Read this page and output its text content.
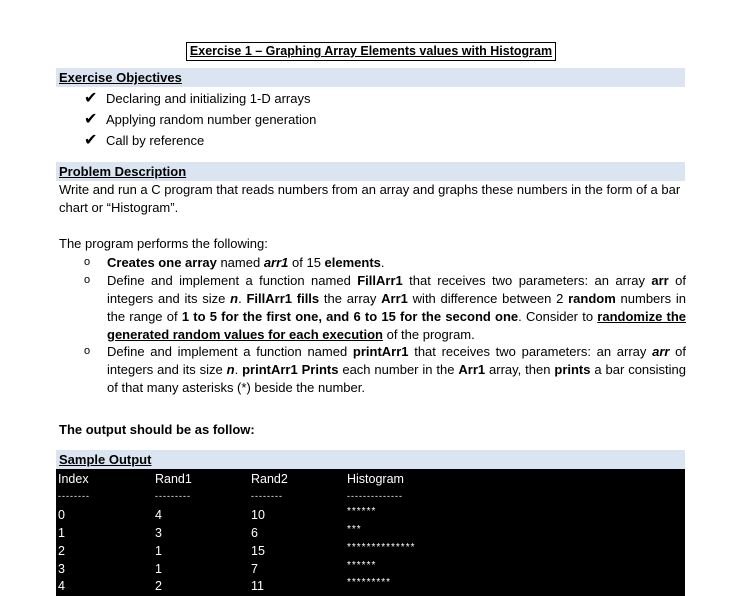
Exercise 1 – Graphing Array Elements values with Histogram
Exercise Objectives
✔ Declaring and initializing 1-D arrays
✔ Applying random number generation
✔ Call by reference
Problem Description
Write and run a C program that reads numbers from an array and graphs these numbers in the form of a bar chart or “Histogram”.
The program performs the following:
o	Creates one array named arr1 of 15 elements.
o	Define and implement a function named FillArr1 that receives two parameters: an array arr of integers and its size n. FillArr1 fills the array Arr1 with difference between 2 random numbers in the range of 1 to 5 for the first one, and 6 to 15 for the second one. Consider to randomize the generated random values for each execution of the program.
o	Define and implement a function named printArr1 that receives two parameters: an array arr of integers and its size n. printArr1 Prints each number in the Arr1 array, then prints a bar consisting of that many asterisks (*) beside the number.
The output should be as follow:
Sample Output
Index	Rand1	Rand2	Histogram
--------	---------	--------	--------------
0	4	10	******
1	3	6	***
2	1	15	**************
3	1	7	******
4	2	11	*********
